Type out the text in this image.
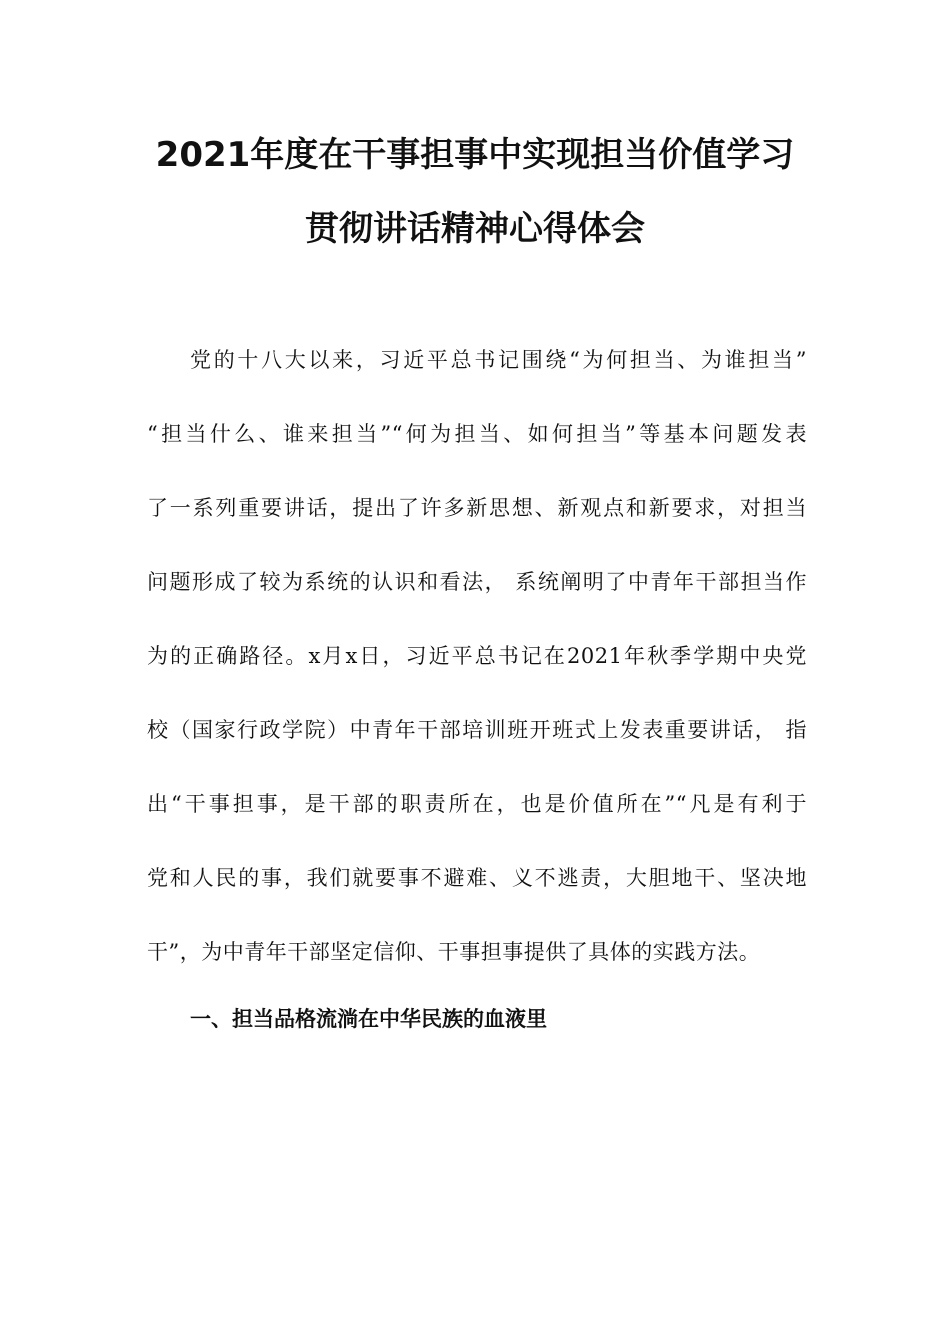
2021年度在干事担事中实现担当价值学习
贯彻讲话精神心得体会
党的十八大以来，习近平总书记围绕“为何担当、为谁担当”
“担当什么、谁来担当”“何为担当、如何担当”等基本问题发表
了一系列重要讲话，提出了许多新思想、新观点和新要求，对担当
问题形成了较为系统的认识和看法， 系统阐明了中青年干部担当作
为的正确路径。x月x日，习近平总书记在2021年秋季学期中央党
校（国家行政学院）中青年干部培训班开班式上发表重要讲话， 指
出“干事担事，是干部的职责所在，也是价值所在”“凡是有利于
党和人民的事，我们就要事不避难、义不逃责，大胆地干、坚决地
干”，为中青年干部坚定信仰、干事担事提供了具体的实践方法。
一、担当品格流淌在中华民族的血液里
